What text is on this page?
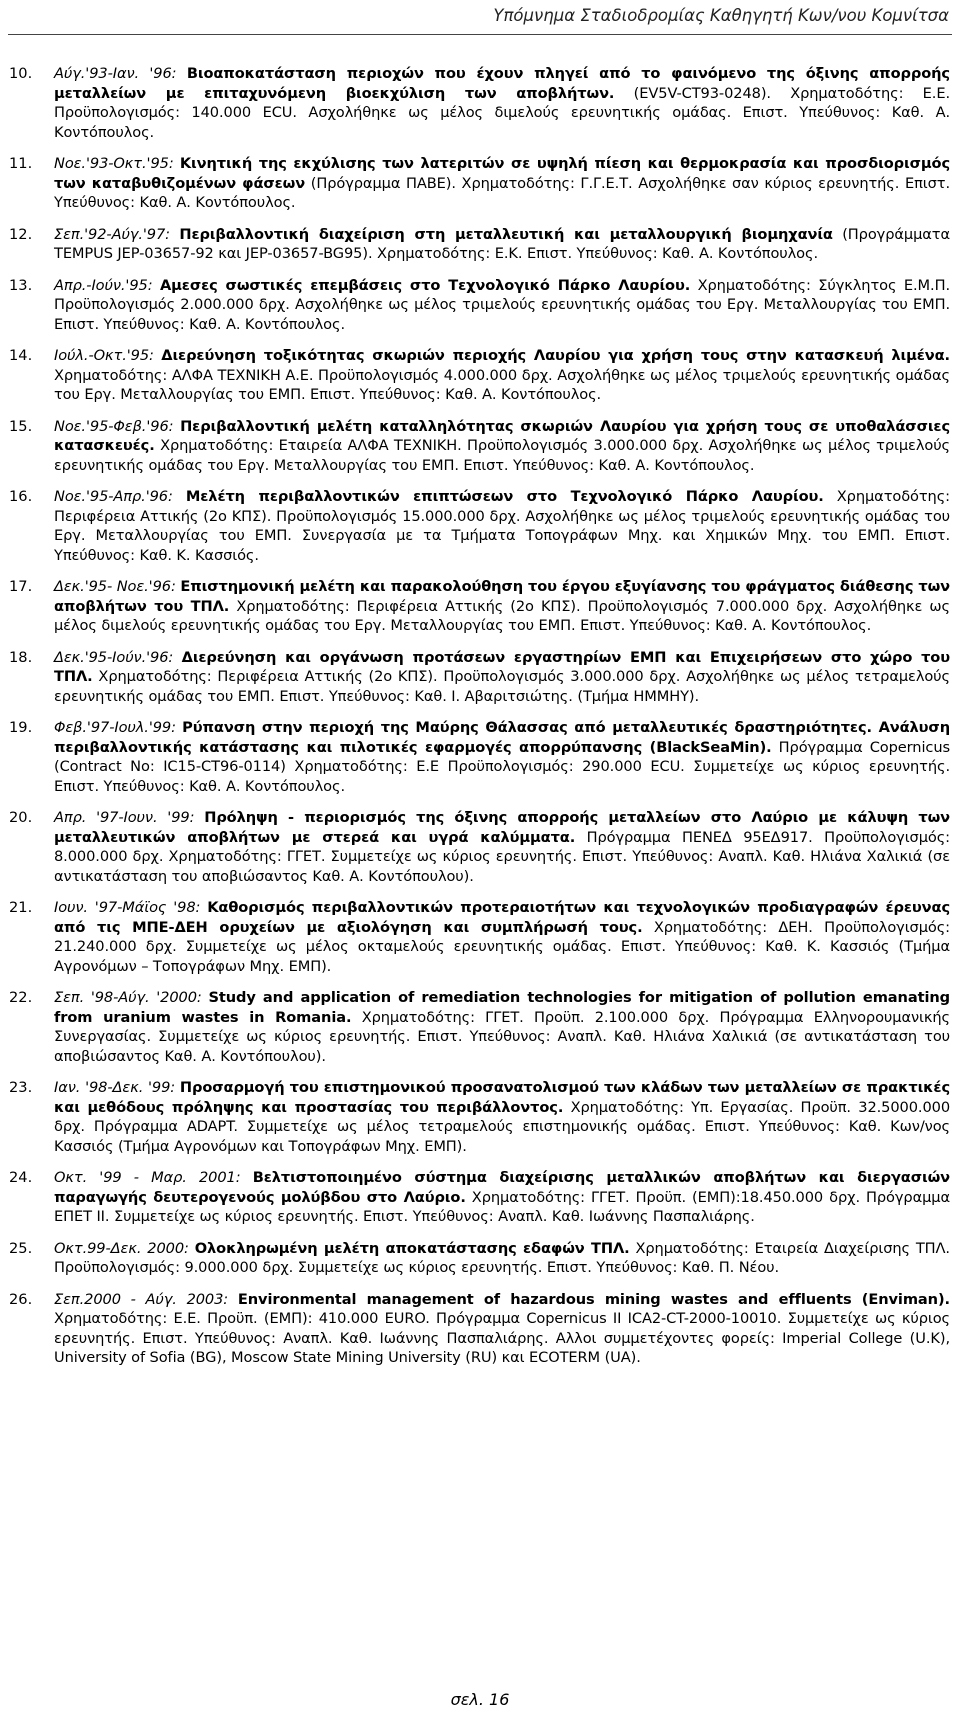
Υπόμνημα Σταδιοδρομίας Καθηγητή Κων/νου Κομνίτσα
10.	Αύγ.'93-Ιαν. '96: Βιοαποκατάσταση περιοχών που έχουν πληγεί από το φαινόμενο της όξινης απορροής μεταλλείων με επιταχυνόμενη βιοεκχύλιση των αποβλήτων. (EV5V-CT93-0248). Χρηματοδότης: Ε.Ε. Προϋπολογισμός: 140.000 ECU. Ασχολήθηκε ως μέλος διμελούς ερευνητικής ομάδας. Επιστ. Υπεύθυνος: Καθ. Α. Κοντόπουλος.
11.	Νοε.'93-Οκτ.'95: Κινητική της εκχύλισης των λατεριτών σε υψηλή πίεση και θερμοκρασία και προσδιορισμός των καταβυθιζομένων φάσεων (Πρόγραμμα ΠΑΒΕ). Χρηματοδότης: Γ.Γ.Ε.Τ. Ασχολήθηκε σαν κύριος ερευνητής. Επιστ. Υπεύθυνος: Καθ. Α. Κοντόπουλος.
12.	Σεπ.'92-Αύγ.'97: Περιβαλλοντική διαχείριση στη μεταλλευτική και μεταλλουργική βιομηχανία (Προγράμματα TEMPUS JEP-03657-92 και JEP-03657-BG95). Χρηματοδότης: Ε.Κ. Επιστ. Υπεύθυνος: Καθ. Α. Κοντόπουλος.
13.	Απρ.-Ιούν.'95: Αμεσες σωστικές επεμβάσεις στο Τεχνολογικό Πάρκο Λαυρίου. Χρηματοδότης: Σύγκλητος Ε.Μ.Π. Προϋπολογισμός 2.000.000 δρχ. Ασχολήθηκε ως μέλος τριμελούς ερευνητικής ομάδας του Εργ. Μεταλλουργίας του ΕΜΠ. Επιστ. Υπεύθυνος: Καθ. Α. Κοντόπουλος.
14.	Ιούλ.-Οκτ.'95: Διερεύνηση τοξικότητας σκωριών περιοχής Λαυρίου για χρήση τους στην κατασκευή λιμένα. Χρηματοδότης: ΑΛΦΑ ΤΕΧΝΙΚΗ Α.Ε. Προϋπολογισμός 4.000.000 δρχ. Ασχολήθηκε ως μέλος τριμελούς ερευνητικής ομάδας του Εργ. Μεταλλουργίας του ΕΜΠ. Επιστ. Υπεύθυνος: Καθ. Α. Κοντόπουλος.
15.	Νοε.'95-Φεβ.'96: Περιβαλλοντική μελέτη καταλληλότητας σκωριών Λαυρίου για χρήση τους σε υποθαλάσσιες κατασκευές. Χρηματοδότης: Εταιρεία ΑΛΦΑ ΤΕΧΝΙΚΗ. Προϋπολογισμός 3.000.000 δρχ. Ασχολήθηκε ως μέλος τριμελούς ερευνητικής ομάδας του Εργ. Μεταλλουργίας του ΕΜΠ. Επιστ. Υπεύθυνος: Καθ. Α. Κοντόπουλος.
16.	Νοε.'95-Απρ.'96: Μελέτη περιβαλλοντικών επιπτώσεων στο Τεχνολογικό Πάρκο Λαυρίου. Χρηματοδότης: Περιφέρεια Αττικής (2ο ΚΠΣ). Προϋπολογισμός 15.000.000 δρχ. Ασχολήθηκε ως μέλος τριμελούς ερευνητικής ομάδας του Εργ. Μεταλλουργίας του ΕΜΠ. Συνεργασία με τα Τμήματα Τοπογράφων Μηχ. και Χημικών Μηχ. του ΕΜΠ. Επιστ. Υπεύθυνος: Καθ. Κ. Κασσιός.
17.	Δεκ.'95- Νοε.'96: Επιστημονική μελέτη και παρακολούθηση του έργου εξυγίανσης του φράγματος διάθεσης των αποβλήτων του ΤΠΛ. Χρηματοδότης: Περιφέρεια Αττικής (2ο ΚΠΣ). Προϋπολογισμός 7.000.000 δρχ. Ασχολήθηκε ως μέλος διμελούς ερευνητικής ομάδας του Εργ. Μεταλλουργίας του ΕΜΠ. Επιστ. Υπεύθυνος: Καθ. Α. Κοντόπουλος.
18.	Δεκ.'95-Ιούν.'96: Διερεύνηση και οργάνωση προτάσεων εργαστηρίων ΕΜΠ και Επιχειρήσεων στο χώρο του ΤΠΛ. Χρηματοδότης: Περιφέρεια Αττικής (2ο ΚΠΣ). Προϋπολογισμός 3.000.000 δρχ. Ασχολήθηκε ως μέλος τετραμελούς ερευνητικής ομάδας του ΕΜΠ. Επιστ. Υπεύθυνος: Καθ. Ι. Αβαριτσιώτης. (Τμήμα ΗΜΜΗΥ).
19.	Φεβ.'97-Ιουλ.'99: Ρύπανση στην περιοχή της Μαύρης Θάλασσας από μεταλλευτικές δραστηριότητες. Ανάλυση περιβαλλοντικής κατάστασης και πιλοτικές εφαρμογές απορρύπανσης (BlackSeaMin). Πρόγραμμα Copernicus (Contract No: IC15-CT96-0114) Χρηματοδότης: Ε.Ε Προϋπολογισμός: 290.000 ECU. Συμμετείχε ως κύριος ερευνητής. Επιστ. Υπεύθυνος: Καθ. Α. Κοντόπουλος.
20.	Απρ. '97-Ιουν. '99: Πρόληψη - περιορισμός της όξινης απορροής μεταλλείων στο Λαύριο με κάλυψη των μεταλλευτικών αποβλήτων με στερεά και υγρά καλύμματα. Πρόγραμμα ΠΕΝΕΔ 95ΕΔ917. Προϋπολογισμός: 8.000.000 δρχ. Χρηματοδότης: ΓΓΕΤ. Συμμετείχε ως κύριος ερευνητής. Επιστ. Υπεύθυνος: Αναπλ. Καθ. Ηλιάνα Χαλικιά (σε αντικατάσταση του αποβιώσαντος Καθ. Α. Κοντόπουλου).
21.	Ιουν. '97-Μάϊος '98: Καθορισμός περιβαλλοντικών προτεραιοτήτων και τεχνολογικών προδιαγραφών έρευνας από τις ΜΠΕ-ΔΕΗ ορυχείων με αξιολόγηση και συμπλήρωσή τους. Χρηματοδότης: ΔΕΗ. Προϋπολογισμός: 21.240.000 δρχ. Συμμετείχε ως μέλος οκταμελούς ερευνητικής ομάδας. Επιστ. Υπεύθυνος: Καθ. Κ. Κασσιός (Τμήμα Αγρονόμων – Τοπογράφων Μηχ. ΕΜΠ).
22.	Σεπ. '98-Αύγ. '2000: Study and application of remediation technologies for mitigation of pollution emanating from uranium wastes in Romania. Χρηματοδότης: ΓΓΕΤ. Προϋπ. 2.100.000 δρχ. Πρόγραμμα Ελληνορουμανικής Συνεργασίας. Συμμετείχε ως κύριος ερευνητής. Επιστ. Υπεύθυνος: Αναπλ. Καθ. Ηλιάνα Χαλικιά (σε αντικατάσταση του αποβιώσαντος Καθ. Α. Κοντόπουλου).
23.	Ιαν. '98-Δεκ. '99: Προσαρμογή του επιστημονικού προσανατολισμού των κλάδων των μεταλλείων σε πρακτικές και μεθόδους πρόληψης και προστασίας του περιβάλλοντος. Χρηματοδότης: Υπ. Εργασίας. Προϋπ. 32.5000.000 δρχ. Πρόγραμμα ADAPT. Συμμετείχε ως μέλος τετραμελούς επιστημονικής ομάδας. Επιστ. Υπεύθυνος: Καθ. Κων/νος Κασσιός (Τμήμα Αγρονόμων και Τοπογράφων Μηχ. ΕΜΠ).
24.	Οκτ. '99 - Μαρ. 2001: Βελτιστοποιημένο σύστημα διαχείρισης μεταλλικών αποβλήτων και διεργασιών παραγωγής δευτερογενούς μολύβδου στο Λαύριο. Χρηματοδότης: ΓΓΕΤ. Προϋπ. (ΕΜΠ):18.450.000 δρχ. Πρόγραμμα ΕΠΕΤ ΙΙ. Συμμετείχε ως κύριος ερευνητής. Επιστ. Υπεύθυνος: Αναπλ. Καθ. Ιωάννης Πασπαλιάρης.
25.	Οκτ.99-Δεκ. 2000: Ολοκληρωμένη μελέτη αποκατάστασης εδαφών ΤΠΛ. Χρηματοδότης: Εταιρεία Διαχείρισης ΤΠΛ. Προϋπολογισμός: 9.000.000 δρχ. Συμμετείχε ως κύριος ερευνητής. Επιστ. Υπεύθυνος: Καθ. Π. Νέου.
26.	Σεπ.2000 - Αύγ. 2003: Environmental management of hazardous mining wastes and effluents (Enviman). Χρηματοδότης: Ε.Ε. Προϋπ. (ΕΜΠ): 410.000 EURO. Πρόγραμμα Copernicus II ICA2-CT-2000-10010. Συμμετείχε ως κύριος ερευνητής. Επιστ. Υπεύθυνος: Αναπλ. Καθ. Ιωάννης Πασπαλιάρης. Αλλοι συμμετέχοντες φορείς: Imperial College (U.K), University of Sofia (BG), Moscow State Mining University (RU) και ECOTERM (UA).
σελ. 16
